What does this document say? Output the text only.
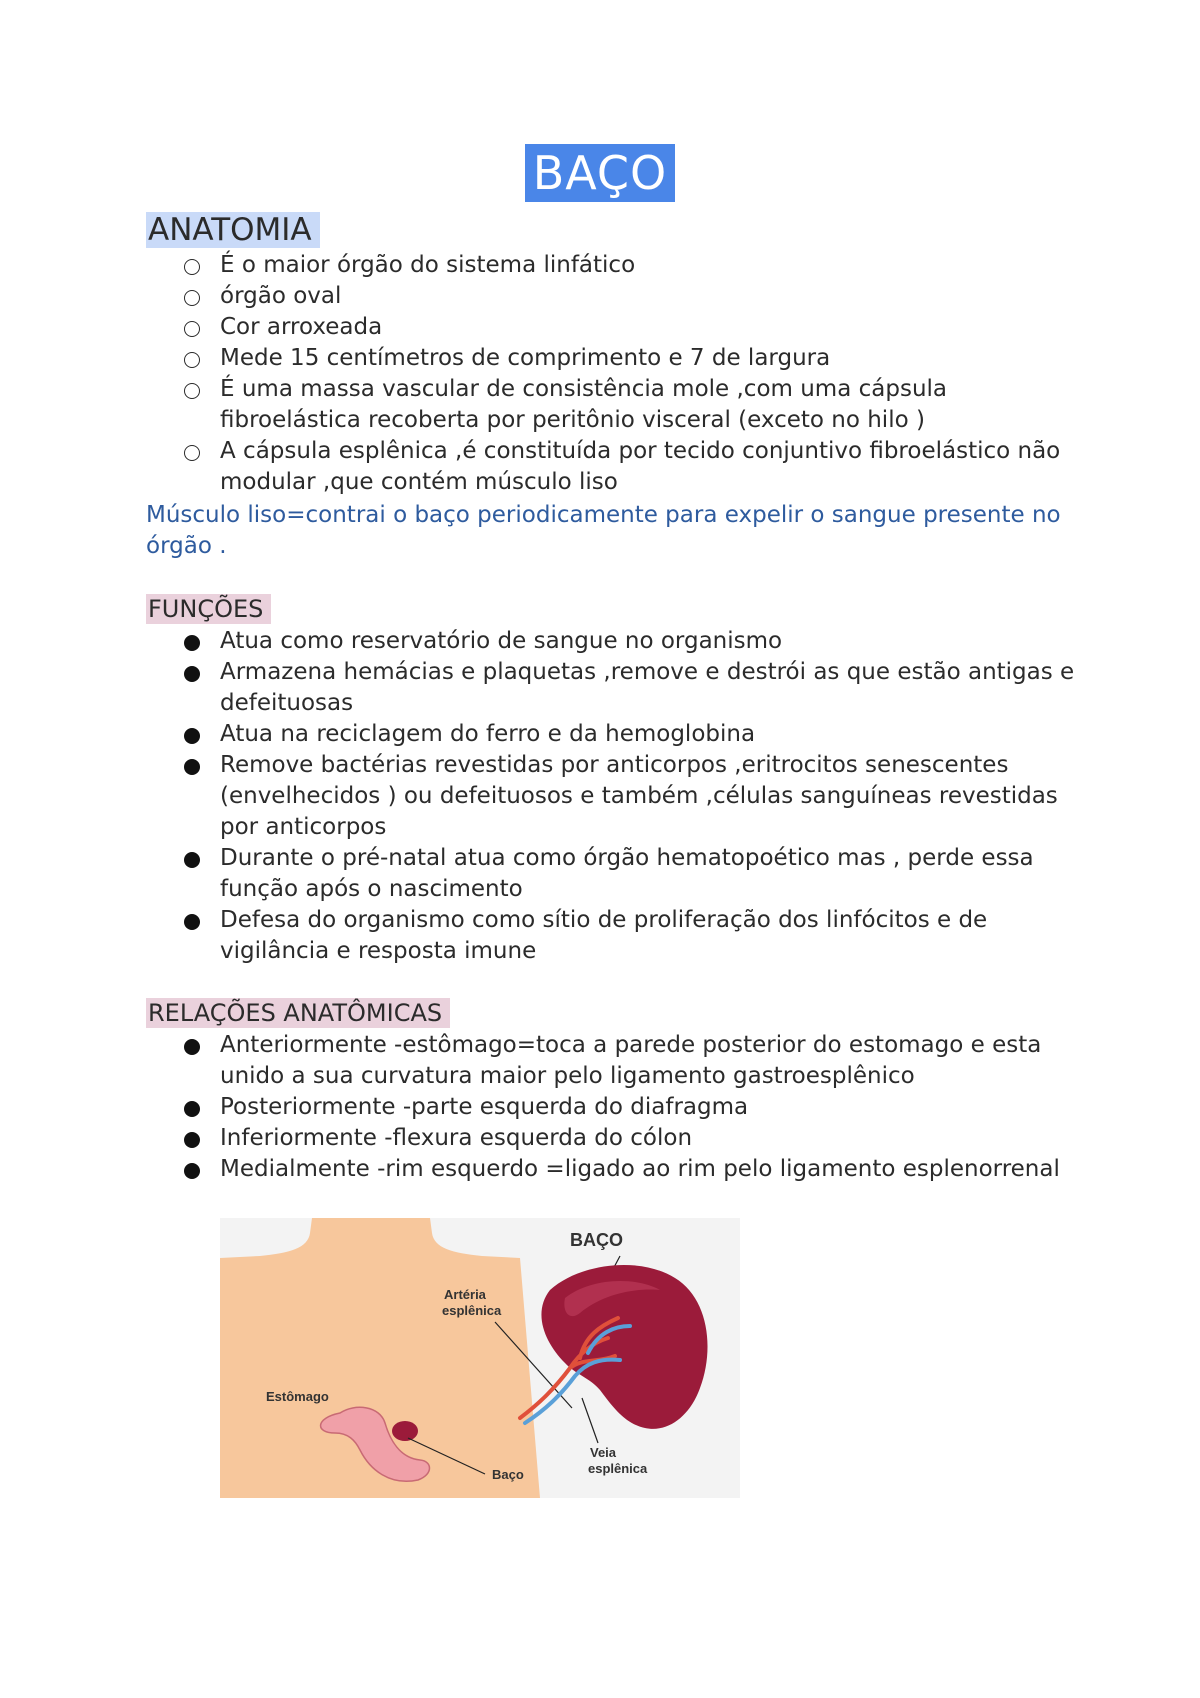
BAÇO
ANATOMIA
É o maior órgão do sistema linfático
órgão oval
Cor arroxeada
Mede 15 centímetros de comprimento e 7 de largura
É uma massa vascular de consistência mole ,com uma cápsula fibroelástica recoberta por peritônio visceral (exceto no hilo )
A cápsula esplênica ,é constituída por tecido conjuntivo fibroelástico não modular ,que contém músculo liso
Músculo liso=contrai o baço periodicamente para expelir o sangue presente no órgão .
FUNÇÕES
Atua como reservatório de sangue no organismo
Armazena hemácias e plaquetas ,remove e destrói as que estão antigas e defeituosas
Atua na reciclagem do ferro e da hemoglobina
Remove bactérias revestidas por anticorpos ,eritrocitos senescentes (envelhecidos ) ou defeituosos e também ,células sanguíneas revestidas por anticorpos
Durante o pré-natal atua como órgão hematopoético mas , perde essa função após o nascimento
Defesa do organismo como sítio de proliferação dos linfócitos e de vigilância e resposta imune
RELAÇÕES ANATÔMICAS
Anteriormente -estômago=toca a parede posterior do estomago e esta unido a sua curvatura maior pelo ligamento gastroesplênico
Posteriormente -parte esquerda do diafragma
Inferiormente -flexura esquerda do cólon
Medialmente -rim esquerdo =ligado ao rim pelo ligamento esplenorrenal
BAÇO
Artéria
esplênica
Estômago
Baço
Veia
esplênica
